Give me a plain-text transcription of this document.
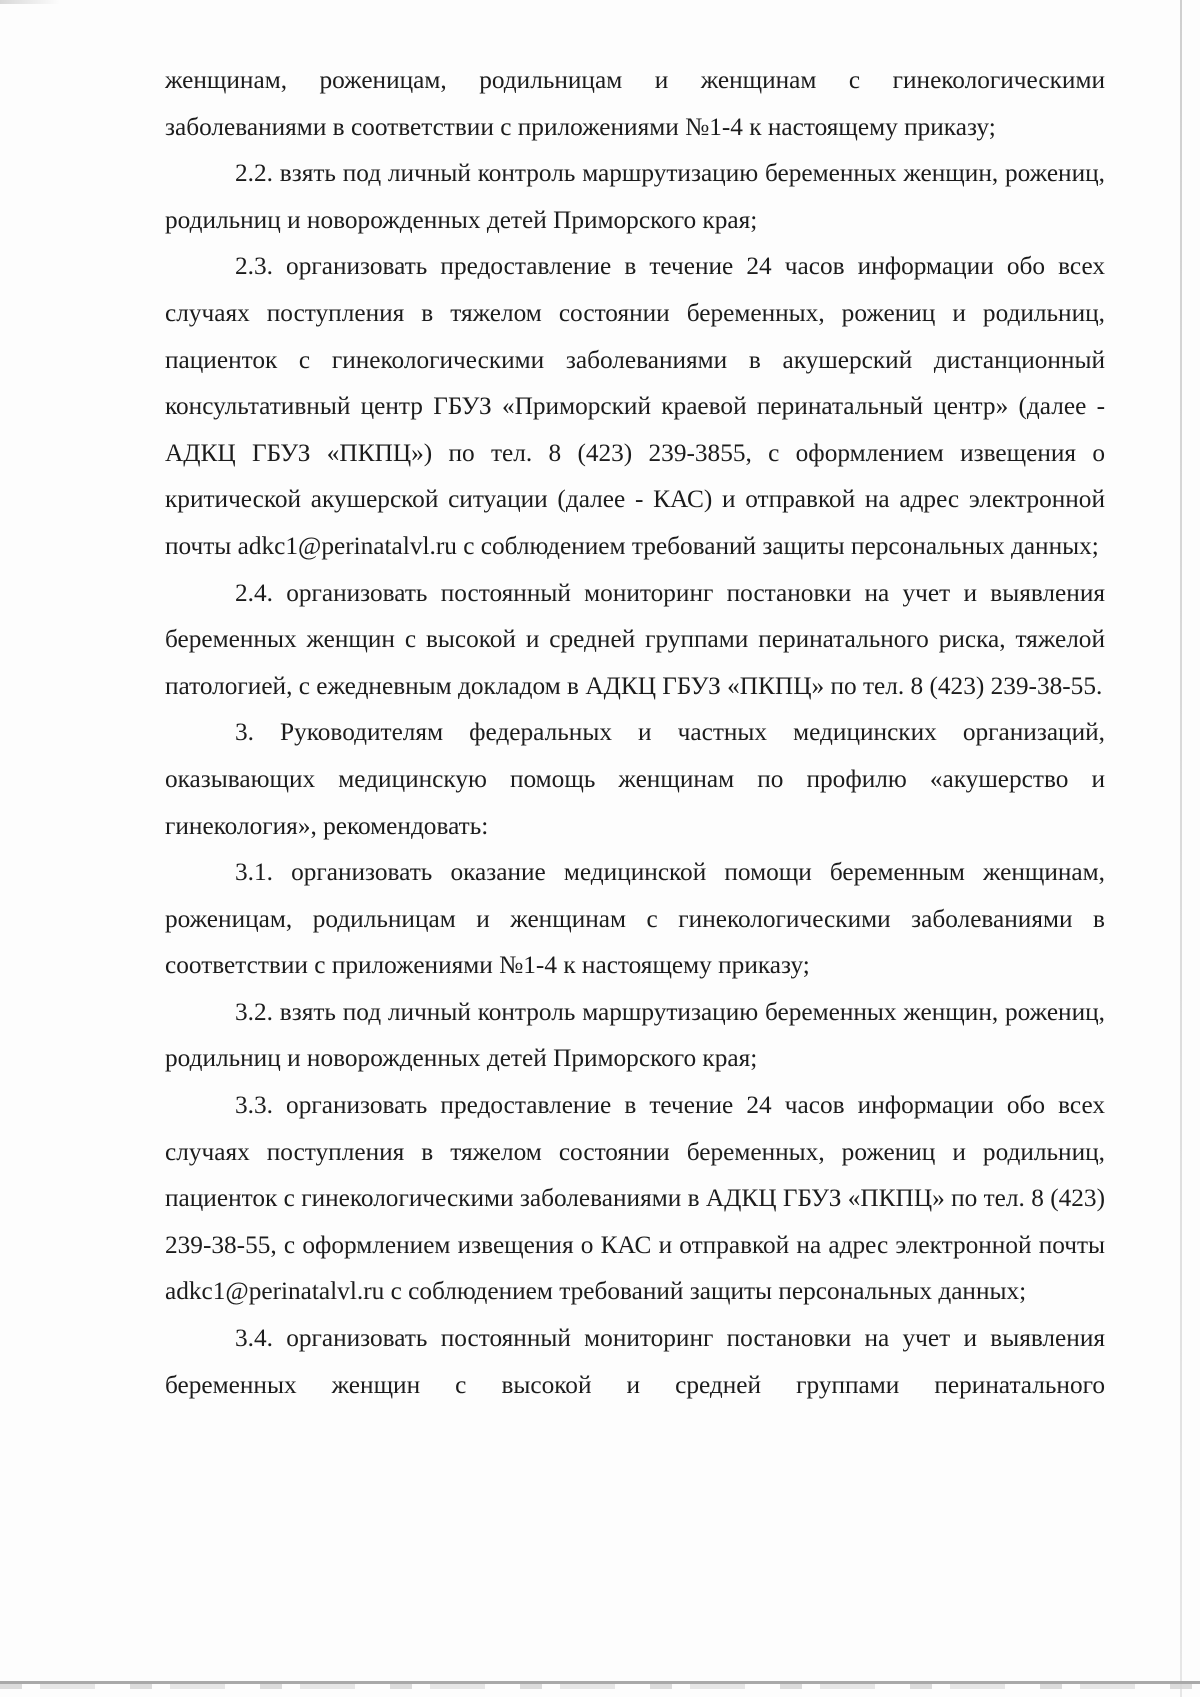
женщинам, роженицам, родильницам и женщинам с гинекологическими заболеваниями в соответствии с приложениями №1-4 к настоящему приказу;

2.2. взять под личный контроль маршрутизацию беременных женщин, рожениц, родильниц и новорожденных детей Приморского края;

2.3. организовать предоставление в течение 24 часов информации обо всех случаях поступления в тяжелом состоянии беременных, рожениц и родильниц, пациенток с гинекологическими заболеваниями в акушерский дистанционный консультативный центр ГБУЗ «Приморский краевой перинатальный центр» (далее - АДКЦ ГБУЗ «ПКПЦ») по тел. 8 (423) 239-3855, с оформлением извещения о критической акушерской ситуации (далее - КАС) и отправкой на адрес электронной почты adkc1@perinatalvl.ru с соблюдением требований защиты персональных данных;

2.4. организовать постоянный мониторинг постановки на учет и выявления беременных женщин с высокой и средней группами перинатального риска, тяжелой патологией, с ежедневным докладом в АДКЦ ГБУЗ «ПКПЦ» по тел. 8 (423) 239-38-55.

3. Руководителям федеральных и частных медицинских организаций, оказывающих медицинскую помощь женщинам по профилю «акушерство и гинекология», рекомендовать:

3.1. организовать оказание медицинской помощи беременным женщинам, роженицам, родильницам и женщинам с гинекологическими заболеваниями в соответствии с приложениями №1-4 к настоящему приказу;

3.2. взять под личный контроль маршрутизацию беременных женщин, рожениц, родильниц и новорожденных детей Приморского края;

3.3. организовать предоставление в течение 24 часов информации обо всех случаях поступления в тяжелом состоянии беременных, рожениц и родильниц, пациенток с гинекологическими заболеваниями в АДКЦ ГБУЗ «ПКПЦ» по тел. 8 (423) 239-38-55, с оформлением извещения о КАС и отправкой на адрес электронной почты adkc1@perinatalvl.ru с соблюдением требований защиты персональных данных;

3.4. организовать постоянный мониторинг постановки на учет и выявления беременных женщин с высокой и средней группами перинатального
